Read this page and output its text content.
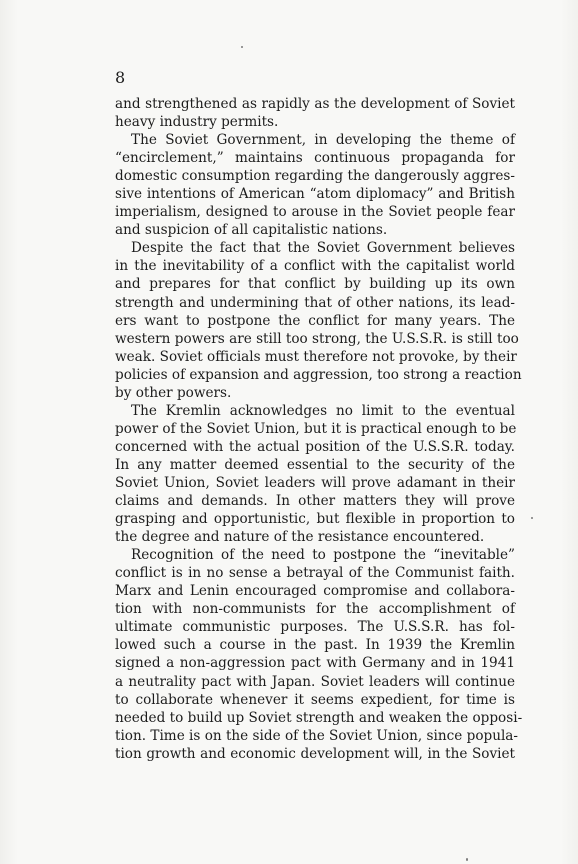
8
and strengthened as rapidly as the development of Soviet
heavy industry permits.
The Soviet Government, in developing the theme of
“encirclement,” maintains continuous propaganda for
domestic consumption regarding the dangerously aggres-
sive intentions of American “atom diplomacy” and British
imperialism, designed to arouse in the Soviet people fear
and suspicion of all capitalistic nations.
Despite the fact that the Soviet Government believes
in the inevitability of a conflict with the capitalist world
and prepares for that conflict by building up its own
strength and undermining that of other nations, its lead-
ers want to postpone the conflict for many years. The
western powers are still too strong, the U.S.S.R. is still too
weak. Soviet officials must therefore not provoke, by their
policies of expansion and aggression, too strong a reaction
by other powers.
The Kremlin acknowledges no limit to the eventual
power of the Soviet Union, but it is practical enough to be
concerned with the actual position of the U.S.S.R. today.
In any matter deemed essential to the security of the
Soviet Union, Soviet leaders will prove adamant in their
claims and demands. In other matters they will prove
grasping and opportunistic, but flexible in proportion to
the degree and nature of the resistance encountered.
Recognition of the need to postpone the “inevitable”
conflict is in no sense a betrayal of the Communist faith.
Marx and Lenin encouraged compromise and collabora-
tion with non-communists for the accomplishment of
ultimate communistic purposes. The U.S.S.R. has fol-
lowed such a course in the past. In 1939 the Kremlin
signed a non-aggression pact with Germany and in 1941
a neutrality pact with Japan. Soviet leaders will continue
to collaborate whenever it seems expedient, for time is
needed to build up Soviet strength and weaken the opposi-
tion. Time is on the side of the Soviet Union, since popula-
tion growth and economic development will, in the Soviet
